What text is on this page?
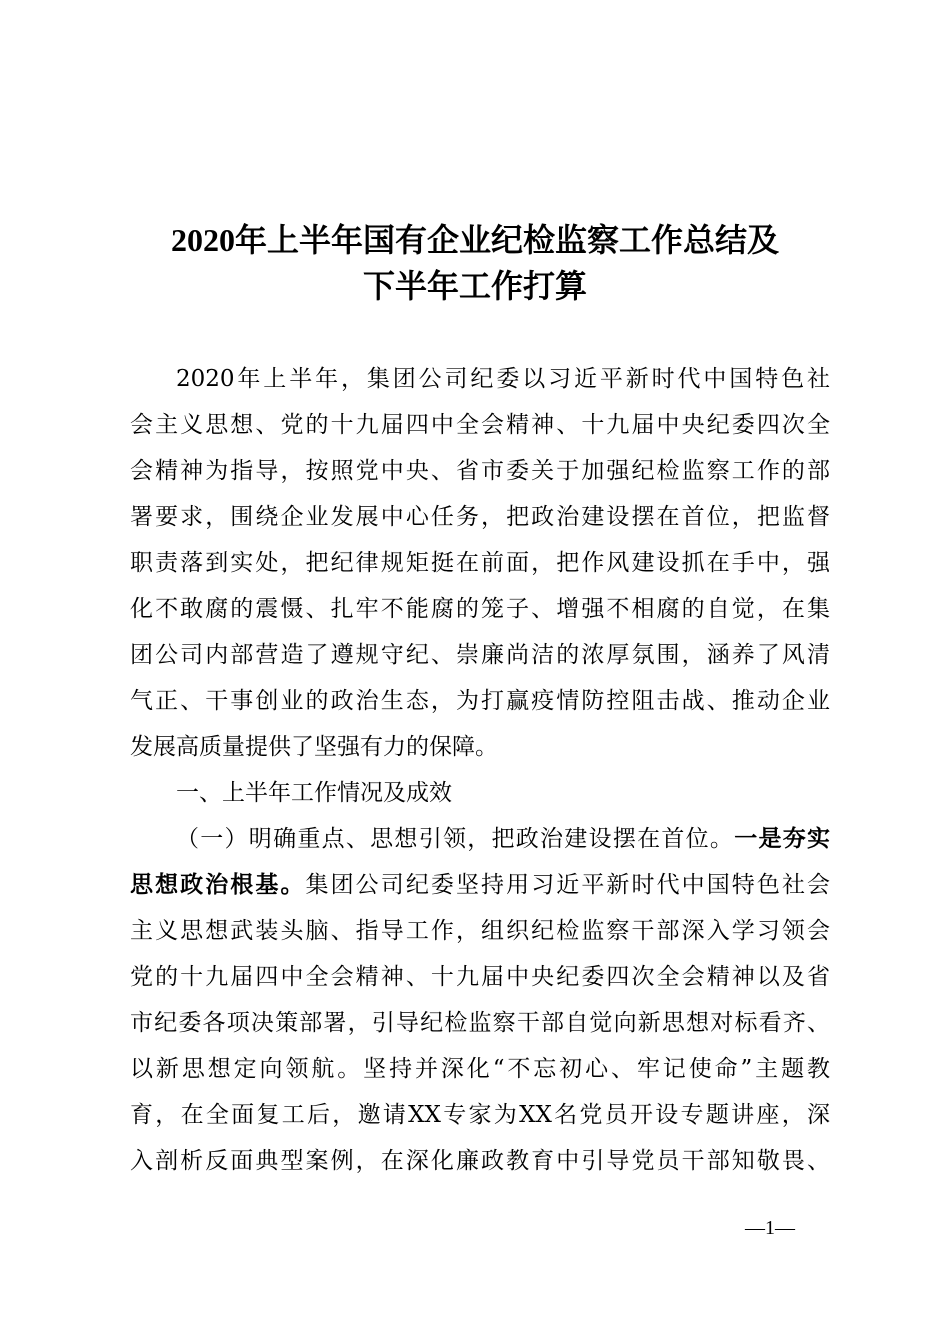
2020年上半年国有企业纪检监察工作总结及
下半年工作打算
2020年上半年，集团公司纪委以习近平新时代中国特色社
会主义思想、党的十九届四中全会精神、十九届中央纪委四次全
会精神为指导，按照党中央、省市委关于加强纪检监察工作的部
署要求，围绕企业发展中心任务，把政治建设摆在首位，把监督
职责落到实处，把纪律规矩挺在前面，把作风建设抓在手中，强
化不敢腐的震慑、扎牢不能腐的笼子、增强不相腐的自觉，在集
团公司内部营造了遵规守纪、崇廉尚洁的浓厚氛围，涵养了风清
气正、干事创业的政治生态，为打赢疫情防控阻击战、推动企业
发展高质量提供了坚强有力的保障。
一、上半年工作情况及成效
（一）明确重点、思想引领，把政治建设摆在首位。一是夯实
思想政治根基。集团公司纪委坚持用习近平新时代中国特色社会
主义思想武装头脑、指导工作，组织纪检监察干部深入学习领会
党的十九届四中全会精神、十九届中央纪委四次全会精神以及省
市纪委各项决策部署，引导纪检监察干部自觉向新思想对标看齐、
以新思想定向领航。坚持并深化“不忘初心、牢记使命”主题教
育，在全面复工后，邀请XX专家为XX名党员开设专题讲座，深
入剖析反面典型案例，在深化廉政教育中引导党员干部知敬畏、
—1—
